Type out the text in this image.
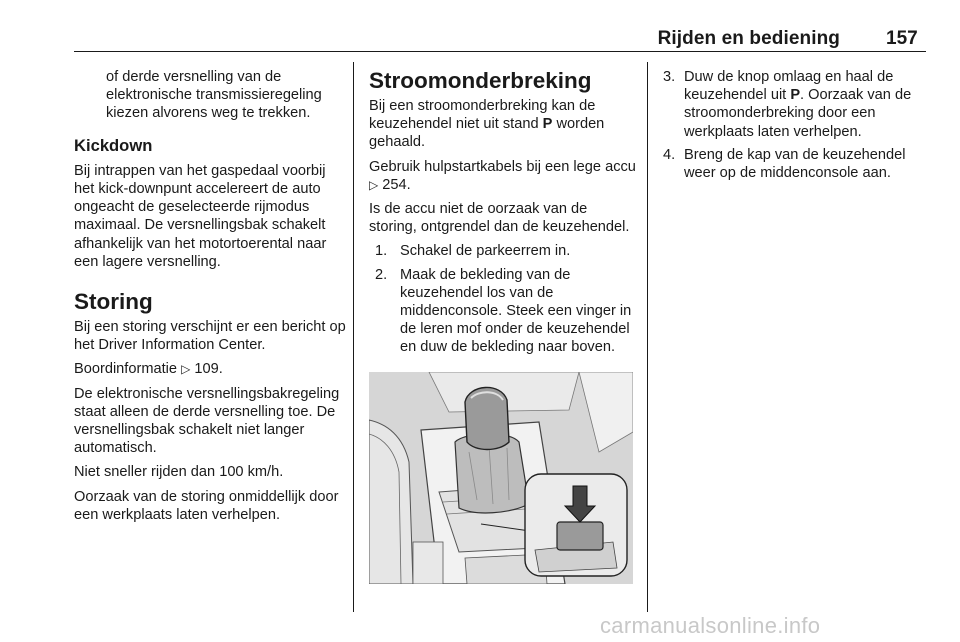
Rijden en bediening 157

of derde versnelling van de elektronische transmissieregeling kiezen alvorens weg te trekken.

Kickdown

Bij intrappen van het gaspedaal voorbij het kick-downpunt accelereert de auto ongeacht de geselecteerde rijmodus maximaal. De versnellingsbak schakelt afhankelijk van het motortoerental naar een lagere versnelling.

Storing

Bij een storing verschijnt er een bericht op het Driver Information Center.

Boordinformatie ▷ 109.

De elektronische versnellingsbakregeling staat alleen de derde versnelling toe. De versnellingsbak schakelt niet langer automatisch.

Niet sneller rijden dan 100 km/h.

Oorzaak van de storing onmiddellijk door een werkplaats laten verhelpen.

Stroomonderbreking

Bij een stroomonderbreking kan de keuzehendel niet uit stand P worden gehaald.

Gebruik hulpstartkabels bij een lege accu ▷ 254.

Is de accu niet de oorzaak van de storing, ontgrendel dan de keuzehendel.

1. Schakel de parkeerrem in.
2. Maak de bekleding van de keuzehendel los van de middenconsole. Steek een vinger in de leren mof onder de keuzehendel en duw de bekleding naar boven.
3. Duw de knop omlaag en haal de keuzehendel uit P. Oorzaak van de stroomonderbreking door een werkplaats laten verhelpen.
4. Breng de kap van de keuzehendel weer op de middenconsole aan.
carmanualsonline.info
